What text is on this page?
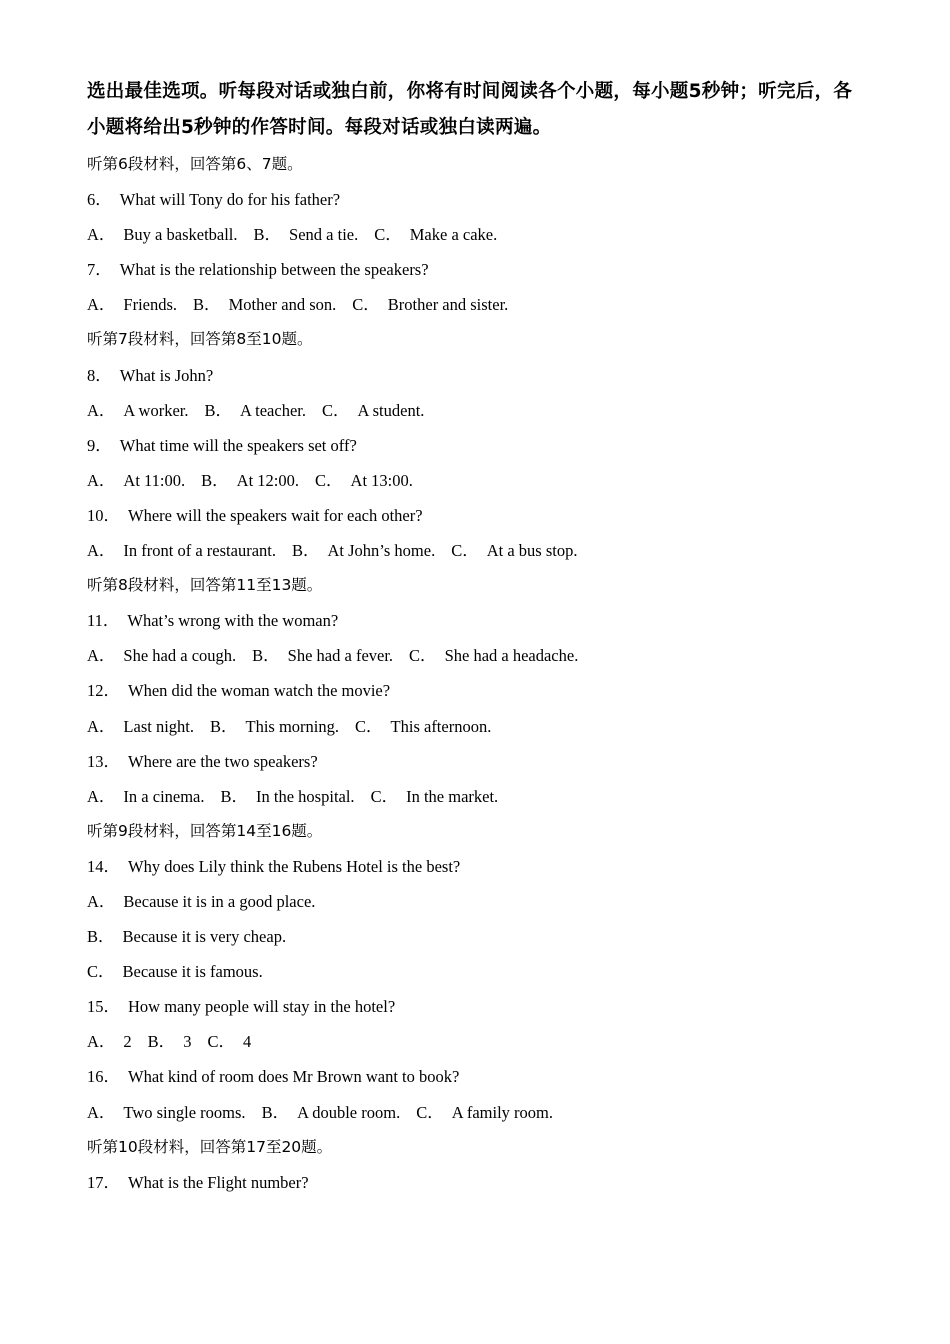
选出最佳选项。听每段对话或独白前，你将有时间阅读各个小题，每小题5秒钟；听完后，各小题将给出5秒钟的作答时间。每段对话或独白读两遍。
听第6段材料，回答第6、7题。
6． What will Tony do for his father?
A． Buy a basketball. B． Send a tie. C． Make a cake.
7． What is the relationship between the speakers?
A． Friends. B． Mother and son. C． Brother and sister.
听第7段材料，回答第8至10题。
8． What is John?
A． A worker. B． A teacher. C． A student.
9． What time will the speakers set off?
A． At 11:00. B． At 12:00. C． At 13:00.
10． Where will the speakers wait for each other?
A． In front of a restaurant. B． At John’s home. C． At a bus stop.
听第8段材料，回答第11至13题。
11． What’s wrong with the woman?
A． She had a cough. B． She had a fever. C． She had a headache.
12． When did the woman watch the movie?
A． Last night. B． This morning. C． This afternoon.
13． Where are the two speakers?
A． In a cinema. B． In the hospital. C． In the market.
听第9段材料，回答第14至16题。
14． Why does Lily think the Rubens Hotel is the best?
A． Because it is in a good place.
B． Because it is very cheap.
C． Because it is famous.
15． How many people will stay in the hotel?
A． 2 B． 3 C． 4
16． What kind of room does Mr Brown want to book?
A． Two single rooms. B． A double room. C． A family room.
听第10段材料，回答第17至20题。
17． What is the Flight number?
